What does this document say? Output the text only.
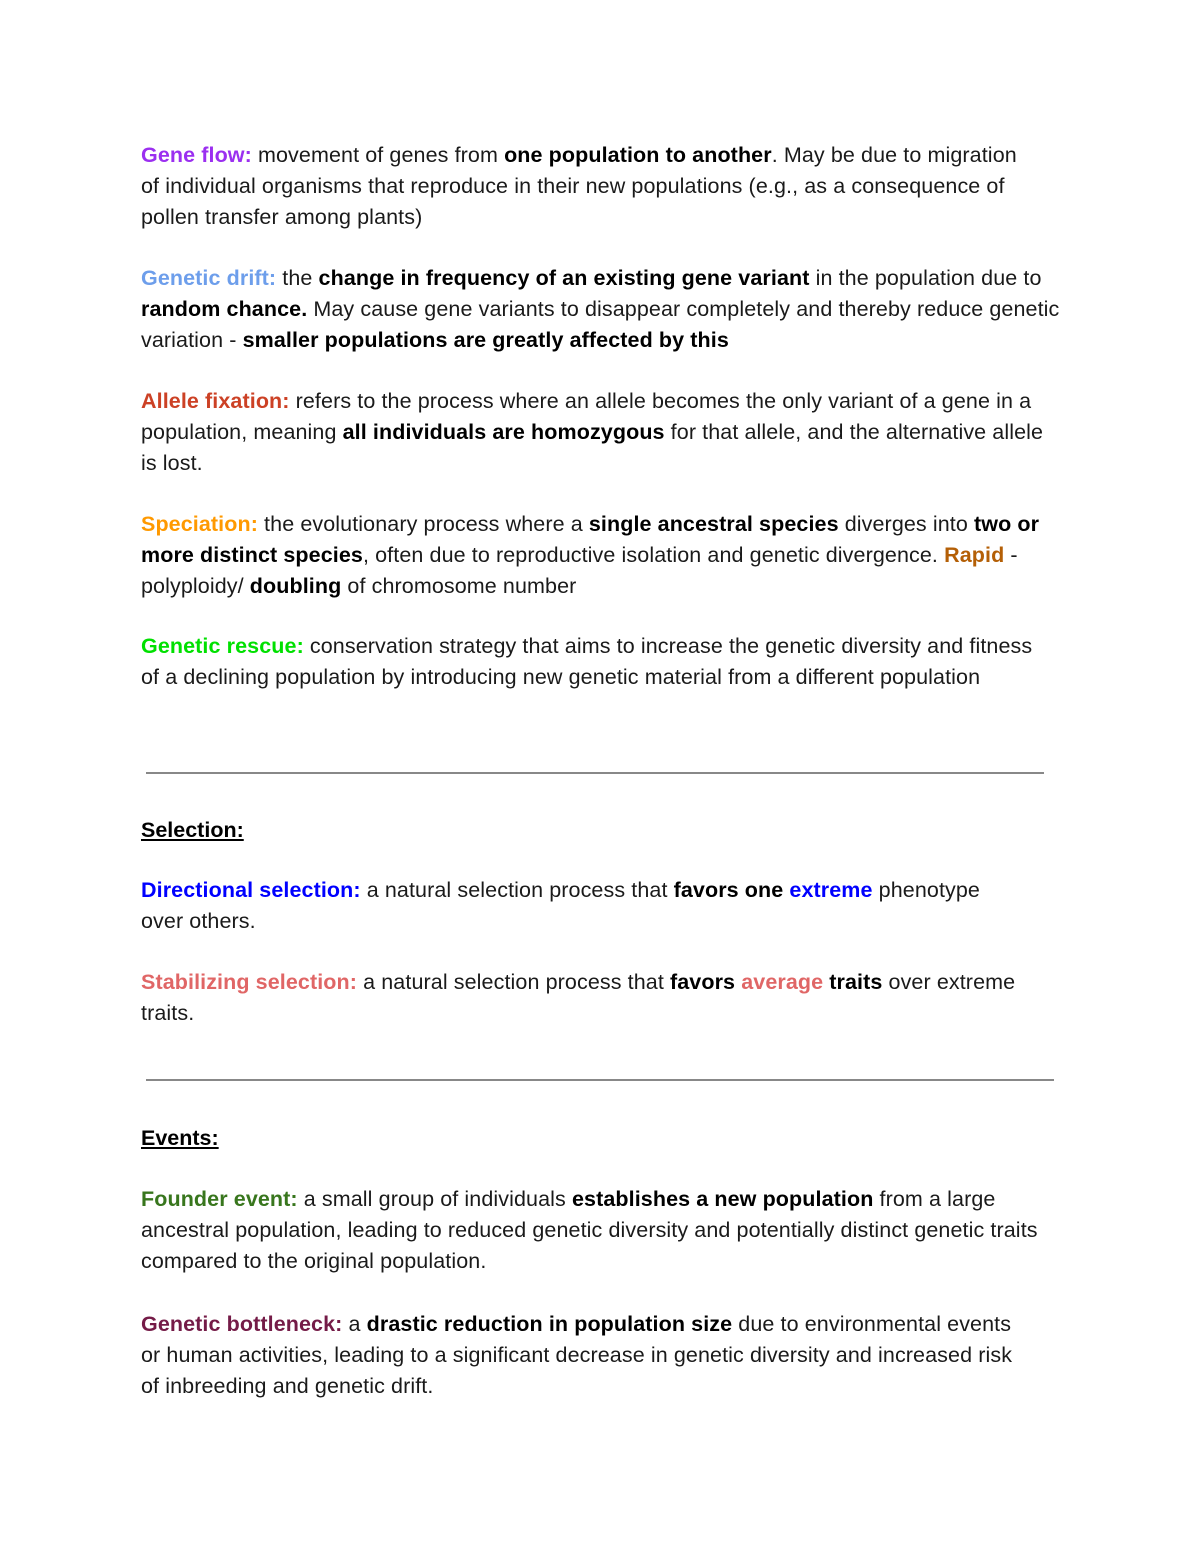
Gene flow: movement of genes from one population to another. May be due to migration of individual organisms that reproduce in their new populations (e.g., as a consequence of pollen transfer among plants)

Genetic drift: the change in frequency of an existing gene variant in the population due to random chance. May cause gene variants to disappear completely and thereby reduce genetic variation - smaller populations are greatly affected by this

Allele fixation: refers to the process where an allele becomes the only variant of a gene in a population, meaning all individuals are homozygous for that allele, and the alternative allele is lost.

Speciation: the evolutionary process where a single ancestral species diverges into two or more distinct species, often due to reproductive isolation and genetic divergence. Rapid - polyploidy/ doubling of chromosome number

Genetic rescue: conservation strategy that aims to increase the genetic diversity and fitness of a declining population by introducing new genetic material from a different population

Selection:

Directional selection: a natural selection process that favors one extreme phenotype over others.

Stabilizing selection: a natural selection process that favors average traits over extreme traits.

Events:

Founder event: a small group of individuals establishes a new population from a large ancestral population, leading to reduced genetic diversity and potentially distinct genetic traits compared to the original population.

Genetic bottleneck: a drastic reduction in population size due to environmental events or human activities, leading to a significant decrease in genetic diversity and increased risk of inbreeding and genetic drift.
